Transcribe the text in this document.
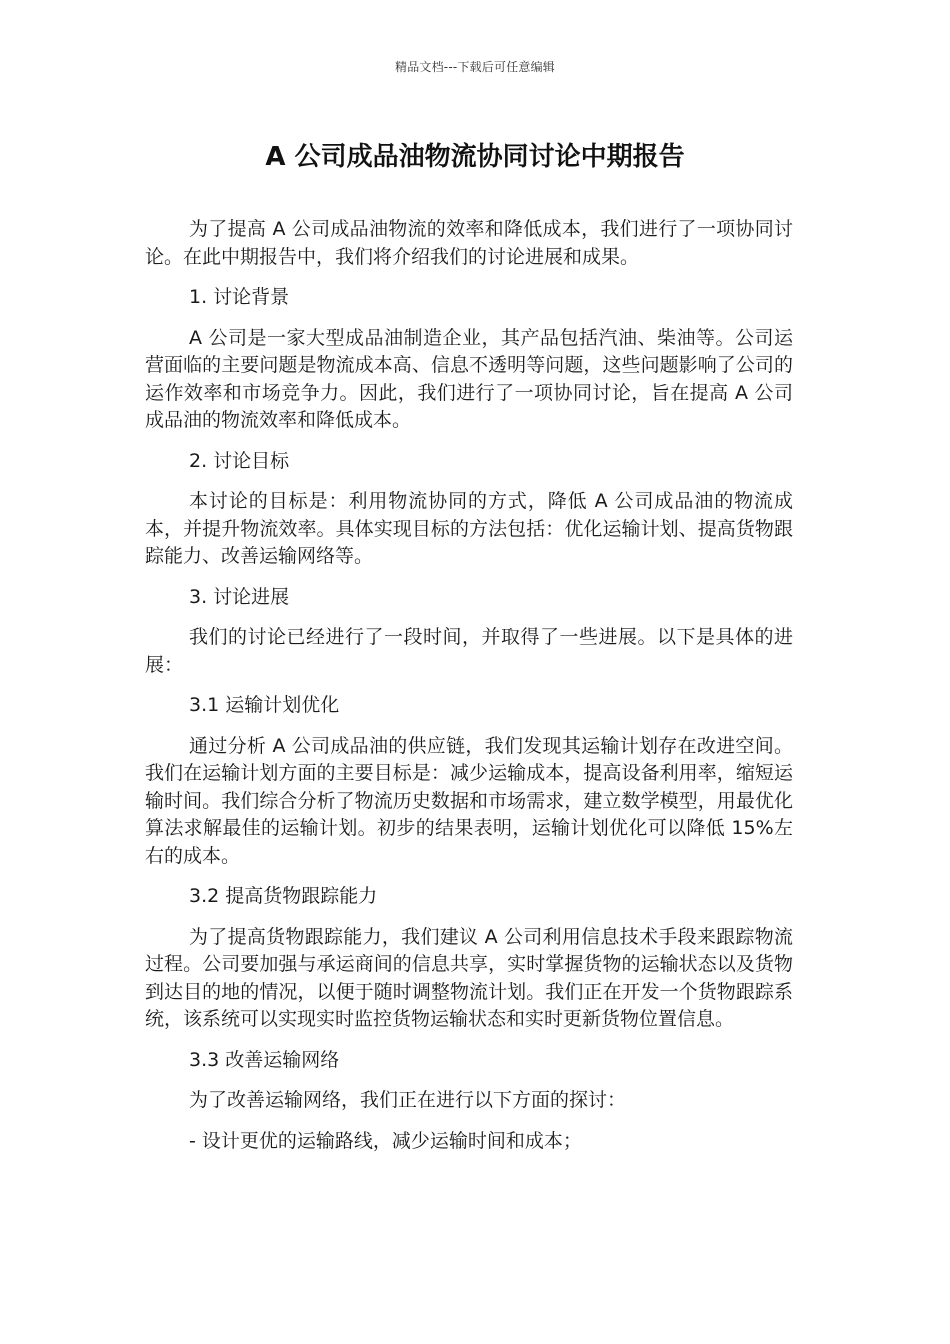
精品文档---下载后可任意编辑
A 公司成品油物流协同讨论中期报告

为了提高 A 公司成品油物流的效率和降低成本，我们进行了一项协同讨论。在此中期报告中，我们将介绍我们的讨论进展和成果。

1. 讨论背景

A 公司是一家大型成品油制造企业，其产品包括汽油、柴油等。公司运营面临的主要问题是物流成本高、信息不透明等问题，这些问题影响了公司的运作效率和市场竞争力。因此，我们进行了一项协同讨论，旨在提高 A 公司成品油的物流效率和降低成本。

2. 讨论目标

本讨论的目标是：利用物流协同的方式，降低 A 公司成品油的物流成本，并提升物流效率。具体实现目标的方法包括：优化运输计划、提高货物跟踪能力、改善运输网络等。

3. 讨论进展

我们的讨论已经进行了一段时间，并取得了一些进展。以下是具体的进展：

3.1 运输计划优化

通过分析 A 公司成品油的供应链，我们发现其运输计划存在改进空间。我们在运输计划方面的主要目标是：减少运输成本，提高设备利用率，缩短运输时间。我们综合分析了物流历史数据和市场需求，建立数学模型，用最优化算法求解最佳的运输计划。初步的结果表明，运输计划优化可以降低 15%左右的成本。

3.2 提高货物跟踪能力

为了提高货物跟踪能力，我们建议 A 公司利用信息技术手段来跟踪物流过程。公司要加强与承运商间的信息共享，实时掌握货物的运输状态以及货物到达目的地的情况，以便于随时调整物流计划。我们正在开发一个货物跟踪系统，该系统可以实现实时监控货物运输状态和实时更新货物位置信息。

3.3 改善运输网络

为了改善运输网络，我们正在进行以下方面的探讨：

- 设计更优的运输路线，减少运输时间和成本；
